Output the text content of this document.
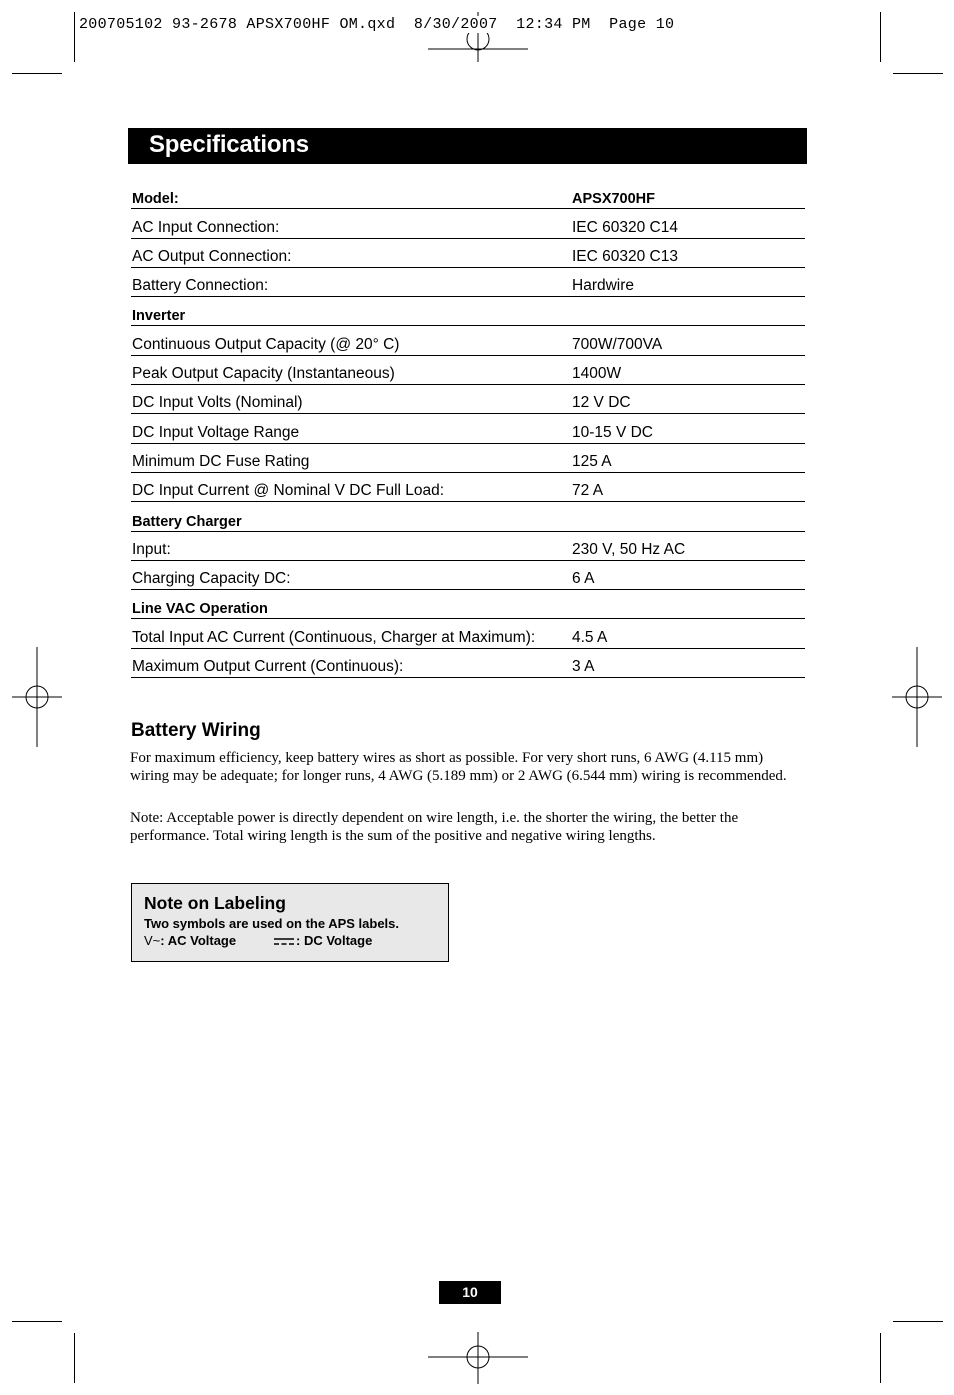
200705102 93-2678 APSX700HF OM.qxd  8/30/2007  12:34 PM  Page 10
Specifications
Model:	APSX700HF
AC Input Connection:	IEC 60320 C14
AC Output Connection:	IEC 60320 C13
Battery Connection:	Hardwire
Inverter
Continuous Output Capacity (@ 20° C)	700W/700VA
Peak Output Capacity (Instantaneous)	1400W
DC Input Volts (Nominal)	12 V DC
DC Input Voltage Range	10-15 V DC
Minimum DC Fuse Rating	125 A
DC Input Current @ Nominal V DC Full Load:	72 A
Battery Charger
Input:	230 V, 50 Hz AC
Charging Capacity DC:	6 A
Line VAC Operation
Total Input AC Current (Continuous, Charger at Maximum): 4.5 A
Maximum Output Current (Continuous):	3 A
Battery Wiring
For maximum efficiency, keep battery wires as short as possible. For very short runs, 6 AWG (4.115 mm) wiring may be adequate; for longer runs, 4 AWG (5.189 mm) or 2 AWG (6.544 mm) wiring is recommended.
Note: Acceptable power is directly dependent on wire length, i.e. the shorter the wiring, the better the performance. Total wiring length is the sum of the positive and negative wiring lengths.
Note on Labeling
Two symbols are used on the APS labels.
V~: AC Voltage	: DC Voltage
10
